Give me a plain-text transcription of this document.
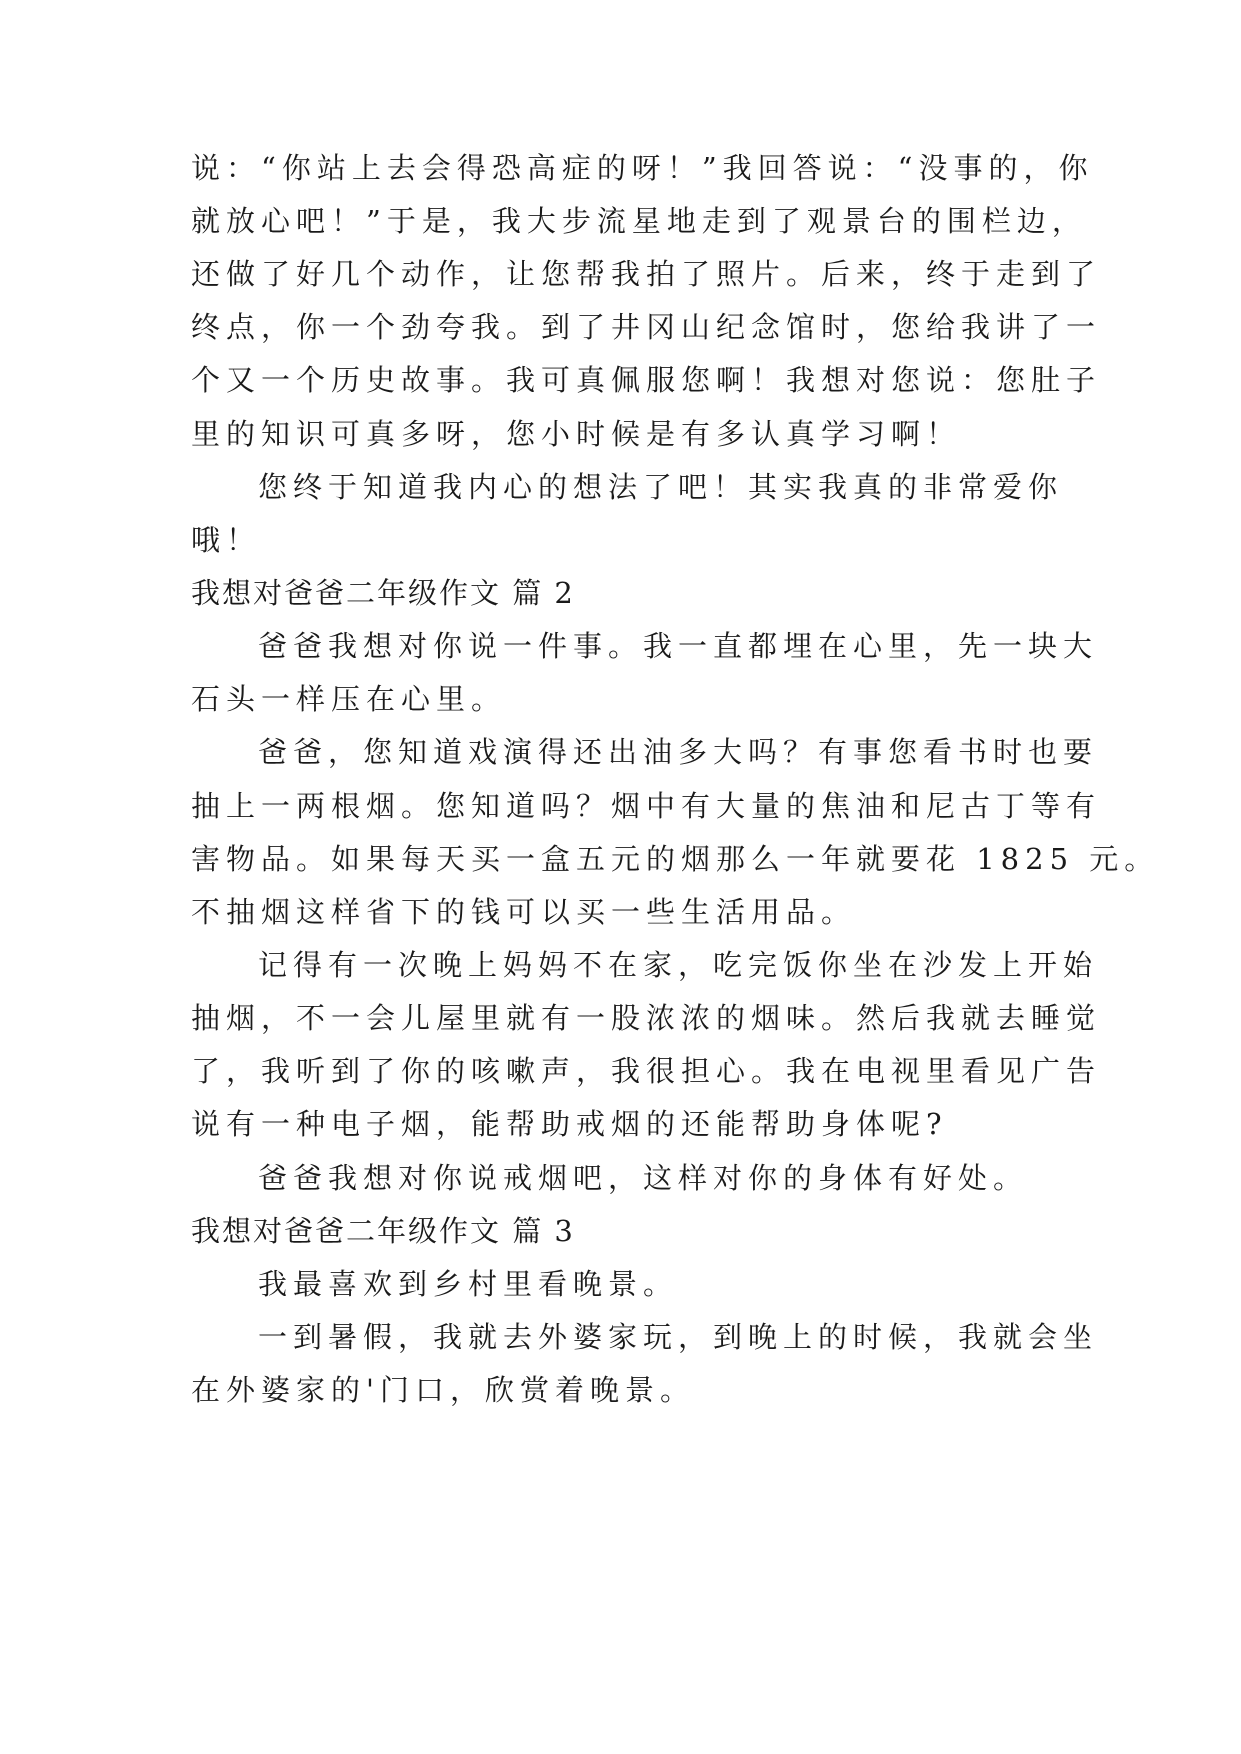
说：“你站上去会得恐高症的呀！”我回答说：“没事的，你
就放心吧！”于是，我大步流星地走到了观景台的围栏边，
还做了好几个动作，让您帮我拍了照片。后来，终于走到了
终点，你一个劲夸我。到了井冈山纪念馆时，您给我讲了一
个又一个历史故事。我可真佩服您啊！我想对您说：您肚子
里的知识可真多呀，您小时候是有多认真学习啊！
您终于知道我内心的想法了吧！其实我真的非常爱你
哦！
我想对爸爸二年级作文 篇 2
爸爸我想对你说一件事。我一直都埋在心里，先一块大
石头一样压在心里。
爸爸，您知道戏演得还出油多大吗？有事您看书时也要
抽上一两根烟。您知道吗？烟中有大量的焦油和尼古丁等有
害物品。如果每天买一盒五元的烟那么一年就要花 1825 元。
不抽烟这样省下的钱可以买一些生活用品。
记得有一次晚上妈妈不在家，吃完饭你坐在沙发上开始
抽烟，不一会儿屋里就有一股浓浓的烟味。然后我就去睡觉
了，我听到了你的咳嗽声，我很担心。我在电视里看见广告
说有一种电子烟，能帮助戒烟的还能帮助身体呢?
爸爸我想对你说戒烟吧，这样对你的身体有好处。
我想对爸爸二年级作文 篇 3
我最喜欢到乡村里看晚景。
一到暑假，我就去外婆家玩，到晚上的时候，我就会坐
在外婆家的'门口，欣赏着晚景。
